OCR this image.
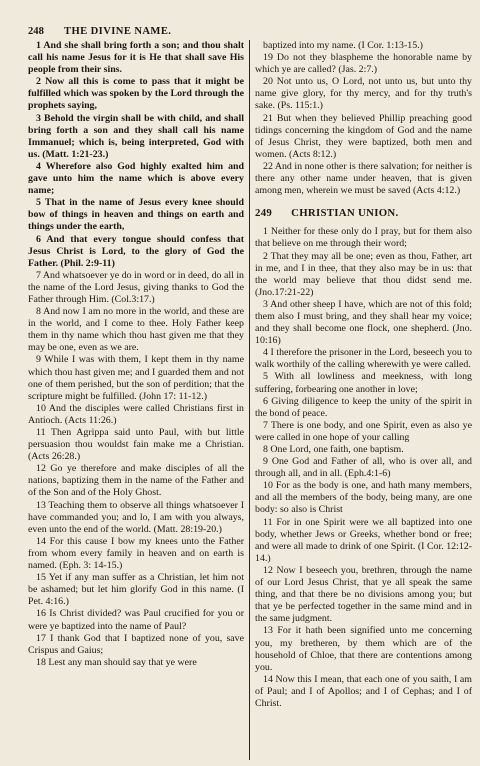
248 THE DIVINE NAME.

1 And she shall bring forth a son; and thou shalt call his name Jesus for it is He that shall save His people from their sins.

2 Now all this is come to pass that it might be fulfilled which was spoken by the Lord through the prophets saying,

3 Behold the virgin shall be with child, and shall bring forth a son and they shall call his name Immanuel; which is, being interpreted, God with us. (Matt. 1:21-23.)

4 Wherefore also God highly exalted him and gave unto him the name which is above every name;

5 That in the name of Jesus every knee should bow of things in heaven and things on earth and things under the earth,

6 And that every tongue should confess that Jesus Christ is Lord, to the glory of God the Father. (Phil. 2:9-11)

7 And whatsoever ye do in word or in deed, do all in the name of the Lord Jesus, giving thanks to God the Father through Him. (Col.3:17.)

8 And now I am no more in the world, and these are in the world, and I come to thee. Holy Father keep them in thy name which thou hast given me that they may be one, even as we are.

9 While I was with them, I kept them in thy name which thou hast given me; and I guarded them and not one of them perished, but the son of perdition; that the scripture might be fulfilled. (John 17: 11-12.)

10 And the disciples were called Christians first in Antioch. (Acts 11:26.)

11 Then Agrippa said unto Paul, with but little persuasion thou wouldst fain make me a Christian. (Acts 26:28.)

12 Go ye therefore and make disciples of all the nations, baptizing them in the name of the Father and of the Son and of the Holy Ghost.

13 Teaching them to observe all things whatsoever I have commanded you; and lo, I am with you always, even unto the end of the world. (Matt. 28:19-20.)

14 For this cause I bow my knees unto the Father from whom every family in heaven and on earth is named. (Eph. 3: 14-15.)

15 Yet if any man suffer as a Christian, let him not be ashamed; but let him glorify God in this name. (I Pet. 4:16.)

16 Is Christ divided? was Paul crucified for you or were ye baptized into the name of Paul?

17 I thank God that I baptized none of you, save Crispus and Gaius;

18 Lest any man should say that ye were

baptized into my name. (I Cor. 1:13-15.)

19 Do not they blaspheme the honorable name by which ye are called? (Jas. 2:7.)

20 Not unto us, O Lord, not unto us, but unto thy name give glory, for thy mercy, and for thy truth's sake. (Ps. 115:1.)

21 But when they believed Phillip preaching good tidings concerning the kingdom of God and the name of Jesus Christ, they were baptized, both men and women. (Acts 8:12.)

22 And in none other is there salvation; for neither is there any other name under heaven, that is given among men, wherein we must be saved (Acts 4:12.)

249 CHRISTIAN UNION.

1 Neither for these only do I pray, but for them also that believe on me through their word;

2 That they may all be one; even as thou, Father, art in me, and I in thee, that they also may be in us: that the world may believe that thou didst send me. (Jno.17:21-22)

3 And other sheep I have, which are not of this fold; them also I must bring, and they shall hear my voice; and they shall become one flock, one shepherd. (Jno. 10:16)

4 I therefore the prisoner in the Lord, beseech you to walk worthily of the calling wherewith ye were called.

5 With all lowliness and meekness, with long suffering, forbearing one another in love;

6 Giving diligence to keep the unity of the spirit in the bond of peace.

7 There is one body, and one Spirit, even as also ye were called in one hope of your calling

8 One Lord, one faith, one baptism.

9 One God and Father of all, who is over all, and through all, and in all. (Eph.4:1-6)

10 For as the body is one, and hath many members, and all the members of the body, being many, are one body: so also is Christ

11 For in one Spirit were we all baptized into one body, whether Jews or Greeks, whether bond or free; and were all made to drink of one Spirit. (I Cor. 12:12-14.)

12 Now I beseech you, brethren, through the name of our Lord Jesus Christ, that ye all speak the same thing, and that there be no divisions among you; but that ye be perfected together in the same mind and in the same judgment.

13 For it hath been signified unto me concerning you, my bretheren, by them which are of the household of Chloe, that there are contentions among you.

14 Now this I mean, that each one of you saith, I am of Paul; and I of Apollos; and I of Cephas; and I of Christ.
